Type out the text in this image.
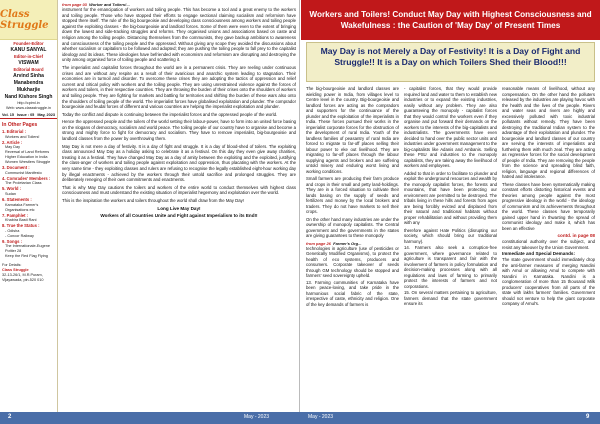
Class Struggle
Founder-Editor
KANU SANYAL
Editor-in-Chief
VISWAM
Editorial Board
Arvind Sinha
Manabendra Mukharjie
Nand Kishore Singh
http://cpiml.in
Web: www.classstruggle.in
Vol. 15 Issue : 05 May, 2023
In Other Pages
1. Editorial :
Workers and Toilers!
2. Article :
May Day
Reversal of Land Reforms
Higher Education in India
Women Wrestlers Struggle
3. Document :
Communist Manifesto
4. Comrades' Members :
The Proletarian Class
5. World :
Sudan
6. Statements :
Karnataka Farmer's Organisations etc
7. Pamphlet :
Khabira Basti Rani
8. True the Status :
- Odisha
- Concor Railway
9. Songs :
The Internationale-Eugene Pottier 28
Keep the Red Flag Flying
For Details:
Class Struggle
32-13-26/1, M.R.Puram,
Vijayawada, pin-520 010
from page 03 Worker and Toilers!...

instrument for the emancipation of workers and toiling people. This has become a tool and a great enemy to the workers and toiling people. Those who have stopped their efforts to engage sectional claiming socialism and reformism have stopped there itself. The rule of the big bourgeoisie and developing class consciousness among workers and toiling people against the exploiting classes - the big-bourgeoisie and landlord forces. Some of them were even to the extent of bringing down the lowest and side-tracking struggles and reforms. They organised unions and associations based on caste and religion among the toiling people. Distancing themselves from the communists, they gave backup ambitions to awareness and consciousness of the toiling people and the oppressed. Without giving any scope they avoided the discussions about whether socialism or capitalism to be followed and adopted; they are pushing the toiling people to fall prey to the capitalist ideology and its ideas. These ideologies have befriended with economism and reformism are disrupting and destroying the unity among organised force of toiling people and scattering it.

The imperialist and capitalist forces throughout the world are in a permanent crisis. They are reeling under continuous crises and are without any respite as a result of their avaricious and anarchic system leading to stagnation. Their economies are in turmoil and disorder. To overcome these crises they are adopting the tactics of oppression and relief current and critical policy with workers and the toiling people. They are using unrestrained violence against the forces of workers and toilers, in their respective countries. They are throwing the burden of their crises onto the shoulders of workers and toiling people. They are fighting for markets and battling for territories and shifting the burden of these wars also onto the shoulders of toiling people of the world. The imperialist forces have globalised exploitation and plunder. The comprador bourgeoisie and feudal forces of different and various countries are helping the imperialist exploitation and plunder.

Today the conflict and dispute is continuing between the imperialist forces and the oppressed people of the world.

Hence the oppressed people and the toilers of the world setting their labour-power, have to form into an united force basing on the slogans of democracy, socialism and world peace. The toiling people of our country have to organise and become a strong and mighty force to fight for democracy and socialism. They have to remove imperialist, big-bourgeoisie and landlord classes from the power by overthrowing them.

May Day is not mere a day of festivity. It is a day of fight and struggle. It is a day of blood-shed of toilers. The exploiting class announced May Day as a holiday asking to celebrate it as a festival. On this day they even give away charities, treating it as a festival. They have changed May Day as a day of amity between the exploiting and the exploited, justifying the class-anger of workers and toiling people against exploitation and oppression, thus placating with the workers. At the very same time - they exploiting classes and rulers are refusing to recognise the legally established eight-hour working day by illegal enactments - achieved by the workers through their untold sacrifice and prolonged struggles. They are deliberately reneging of their own commitments and enactments.

That is why May Day cautions the toilers and workers of the entire world to conduct themselves with highest class consciousness and must understand the existing situation of imperialist hegemony and exploitation over the world.

This is the inspiration the workers and toilers throughout the world shall draw from the May Day!

Long Live May Day!
Workers of all Countries Unite and Fight against Imperialism to its End!!
Workers and Toilers! Conduct May Day with Highest Consciousness and Wakefulness : the Caution of 'May Day' of Present Times
May Day is not Merely a Day of Festivity! It is a Day of Fight and Struggle!! It is a Day on which Toilers Shed their Blood!!!

The big-bourgeoisie and landlord classes are wielding power in India, from villages level to Centre level in the country. Big-bourgeoisie and landlord forces are acting as the compradors and supporters for the continuance of the plunder and the exploitation of the imperialists in India. These forces pursued their works in the imperialist corporate forces for the obstruction of the development of rural India. Youth of the landless families of peasantry of rural India are forced to migrate to far-off places selling their labour power to eke out livelihood. They are migrating to far-off places through the labour supplying agents and brokers and are suffering untold misery and enduring worst living and working conditions.

Small farmers are producing their farm produce and crops in their small and petty land-holdings. They are in a forced situation to cultivate their lands basing on the supply of seeds and fertilizers and money by the local brokers and traders. They do not have markets to sell their crops.

On the other hand many industries are under the ownership of monopoly capitalists. The Central government and the governments in the states are giving guarantees to these monopoly

from page 26 Farmer's Org...

technologies in agriculture (use of pesticides or Genetically Modified Organisms), to protect the health of eco systems, producers and consumers. Corporate takeover of seeds through GM technology should be stopped and farmers' seed sovereignty upheld.

13. Farming communities of Karnataka have been peace-loving, and take pride in the harmonious social fabric of the state, irrespective of caste, ethnicity and religion. One of the key demands of farmers is

- capitalist forces, that they would provide required land and water to them to establish new industries or to expand the existing industries, easily without any problem. They are also guaranteeing the monopoly - capitalist forces that they would control the workers even if they organise and put forward their demands on the workers to the interests of the big-capitalists and industrialists. The governments have even decided to hand over the public sector units and industries under government management to the big-capitalists like Adanis and Ambanis. Selling these PSU and industries to the monopoly capitalists, they are taking away the livelihood of workers and employees.

Added to that in order to facilitate to plunder and exploit the underground resources and wealth by the monopoly capitalist forces, the forests and mountains, that have been protecting our environment are permitted to be destroyed. The tribals living in these hills and forests from ages are being forcibly evicted and displaced from their natural and traditional habitats without proper rehabilitation and without providing them with any

therefore against Hate Politics (disrupting our society, which should bring our traditional harmony).

14. Farmers also seek a corruption-free government, where governance related to agriculture is transparent and fair with the involvement of farmers in policy formulation and decision-making processes along with all regulations and laws of farming to primarily protect the interests of farmers and not corporations.

15. On several matters pertaining to agriculture, farmers demand that the state government ensure its

reasonable means of livelihood, without any compensation. On the other hand the polluters released by the industries are playing havoc with the health and the lives of the people. Rivers and water seas and rivers are highly and excessively polluted with toxic industrial pollutants without remedy. They have been destroying the traditional Indian system to the advantage of their exploitation and plunder. The bourgeoisie and landlord classes of our country are serving the interests of imperialists and furthering them with much zeal. They are acting as regressive forces for the social development of people of India. They are removing the people from the science and spreading blind faith, religion, language and regional differences of hatred and intolerance.

These classes have been systematically making constant efforts distorting historical events and theories among people against the most progressive ideology in the world - the ideology of communism and its achievements throughout the world. These classes have temporarily gained upper hand in thwarting the spread of communist ideology and make it, which has been an effective

contd. in page 08

constitutional authority over the subject, and resist any takeover by the Union Government.

Immediate and Special Demands:

The state government should immediately drop the anti-farmer measures of merging Nandini with Amul or allowing Amul to compete with Nandini in Karnataka. Nandini is a conglomeration of more than 15 thousand Milk producers' cooperatives from all parts of the state with lakhs farmers' families. Government should not venture to help the giant corporate company of Amul's.

2	May - 2023	May - 2023	9
